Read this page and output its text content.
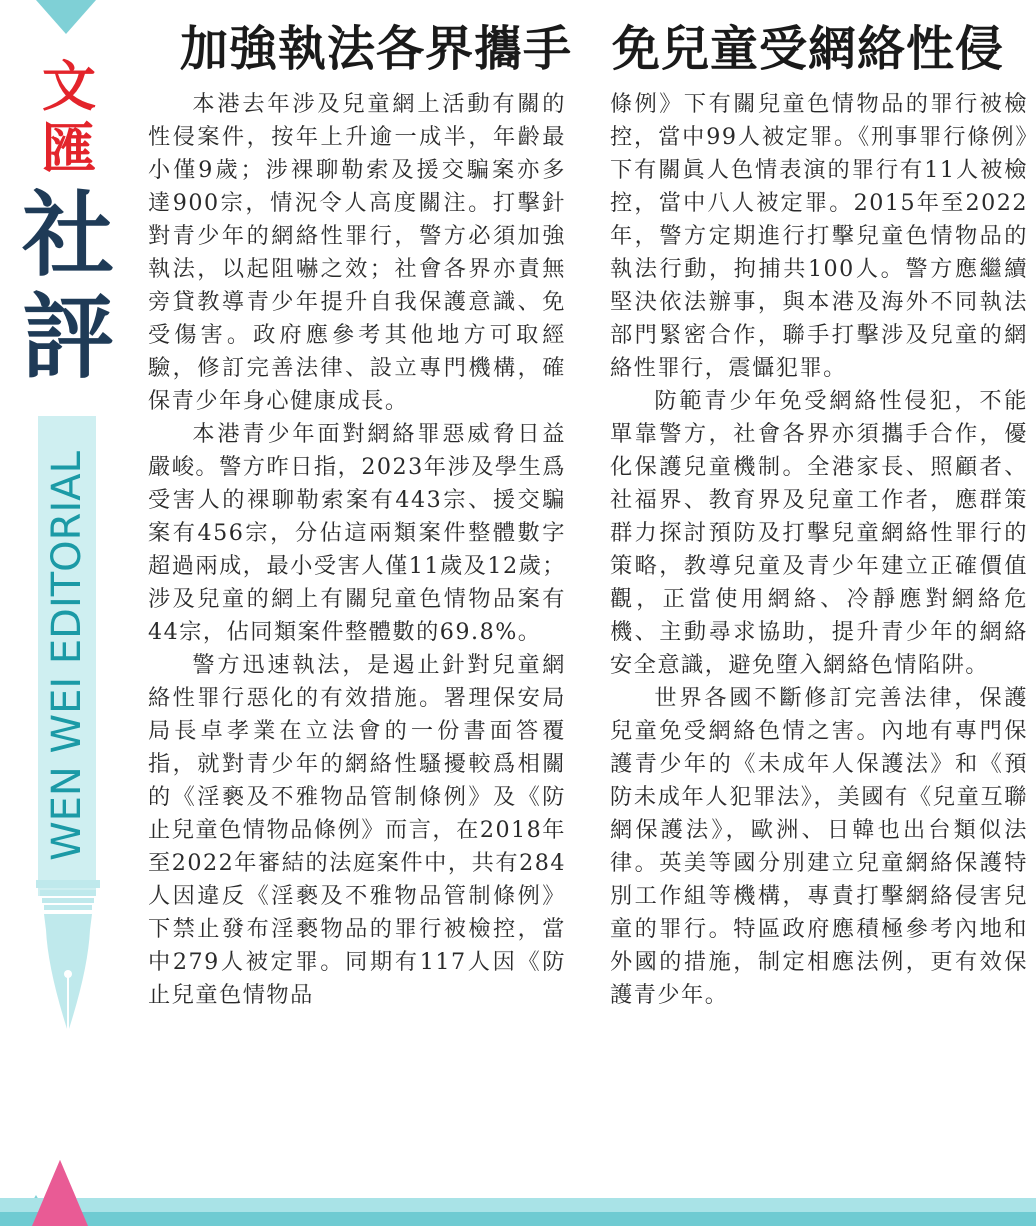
文
匯
社
評
WEN WEI EDITORIAL
加強執法各界攜手 免兒童受網絡性侵

本港去年涉及兒童網上活動有關的性侵案件，按年上升逾一成半，年齡最小僅9歲；涉裸聊勒索及援交騙案亦多達900宗，情況令人高度關注。打擊針對青少年的網絡性罪行，警方必須加強執法，以起阻嚇之效；社會各界亦責無旁貸教導青少年提升自我保護意識、免受傷害。政府應參考其他地方可取經驗，修訂完善法律、設立專門機構，確保青少年身心健康成長。

本港青少年面對網絡罪惡威脅日益嚴峻。警方昨日指，2023年涉及學生爲受害人的裸聊勒索案有443宗、援交騙案有456宗，分佔這兩類案件整體數字超過兩成，最小受害人僅11歲及12歲；涉及兒童的網上有關兒童色情物品案有44宗，佔同類案件整體數的69.8%。

警方迅速執法，是遏止針對兒童網絡性罪行惡化的有效措施。署理保安局局長卓孝業在立法會的一份書面答覆指，就對青少年的網絡性騷擾較爲相關的《淫褻及不雅物品管制條例》及《防止兒童色情物品條例》而言，在2018年至2022年審結的法庭案件中，共有284人因違反《淫褻及不雅物品管制條例》下禁止發布淫褻物品的罪行被檢控，當中279人被定罪。同期有117人因《防止兒童色情物品

條例》下有關兒童色情物品的罪行被檢控，當中99人被定罪。《刑事罪行條例》下有關眞人色情表演的罪行有11人被檢控，當中八人被定罪。2015年至2022年，警方定期進行打擊兒童色情物品的執法行動，拘捕共100人。警方應繼續堅決依法辦事，與本港及海外不同執法部門緊密合作，聯手打擊涉及兒童的網絡性罪行，震懾犯罪。

防範青少年免受網絡性侵犯，不能單靠警方，社會各界亦須攜手合作，優化保護兒童機制。全港家長、照顧者、社福界、教育界及兒童工作者，應群策群力探討預防及打擊兒童網絡性罪行的策略，教導兒童及青少年建立正確價值觀，正當使用網絡、冷靜應對網絡危機、主動尋求協助，提升青少年的網絡安全意識，避免墮入網絡色情陷阱。

世界各國不斷修訂完善法律，保護兒童免受網絡色情之害。內地有專門保護青少年的《未成年人保護法》和《預防未成年人犯罪法》，美國有《兒童互聯網保護法》，歐洲、日韓也出台類似法律。英美等國分別建立兒童網絡保護特別工作組等機構，專責打擊網絡侵害兒童的罪行。特區政府應積極參考內地和外國的措施，制定相應法例，更有效保護青少年。
